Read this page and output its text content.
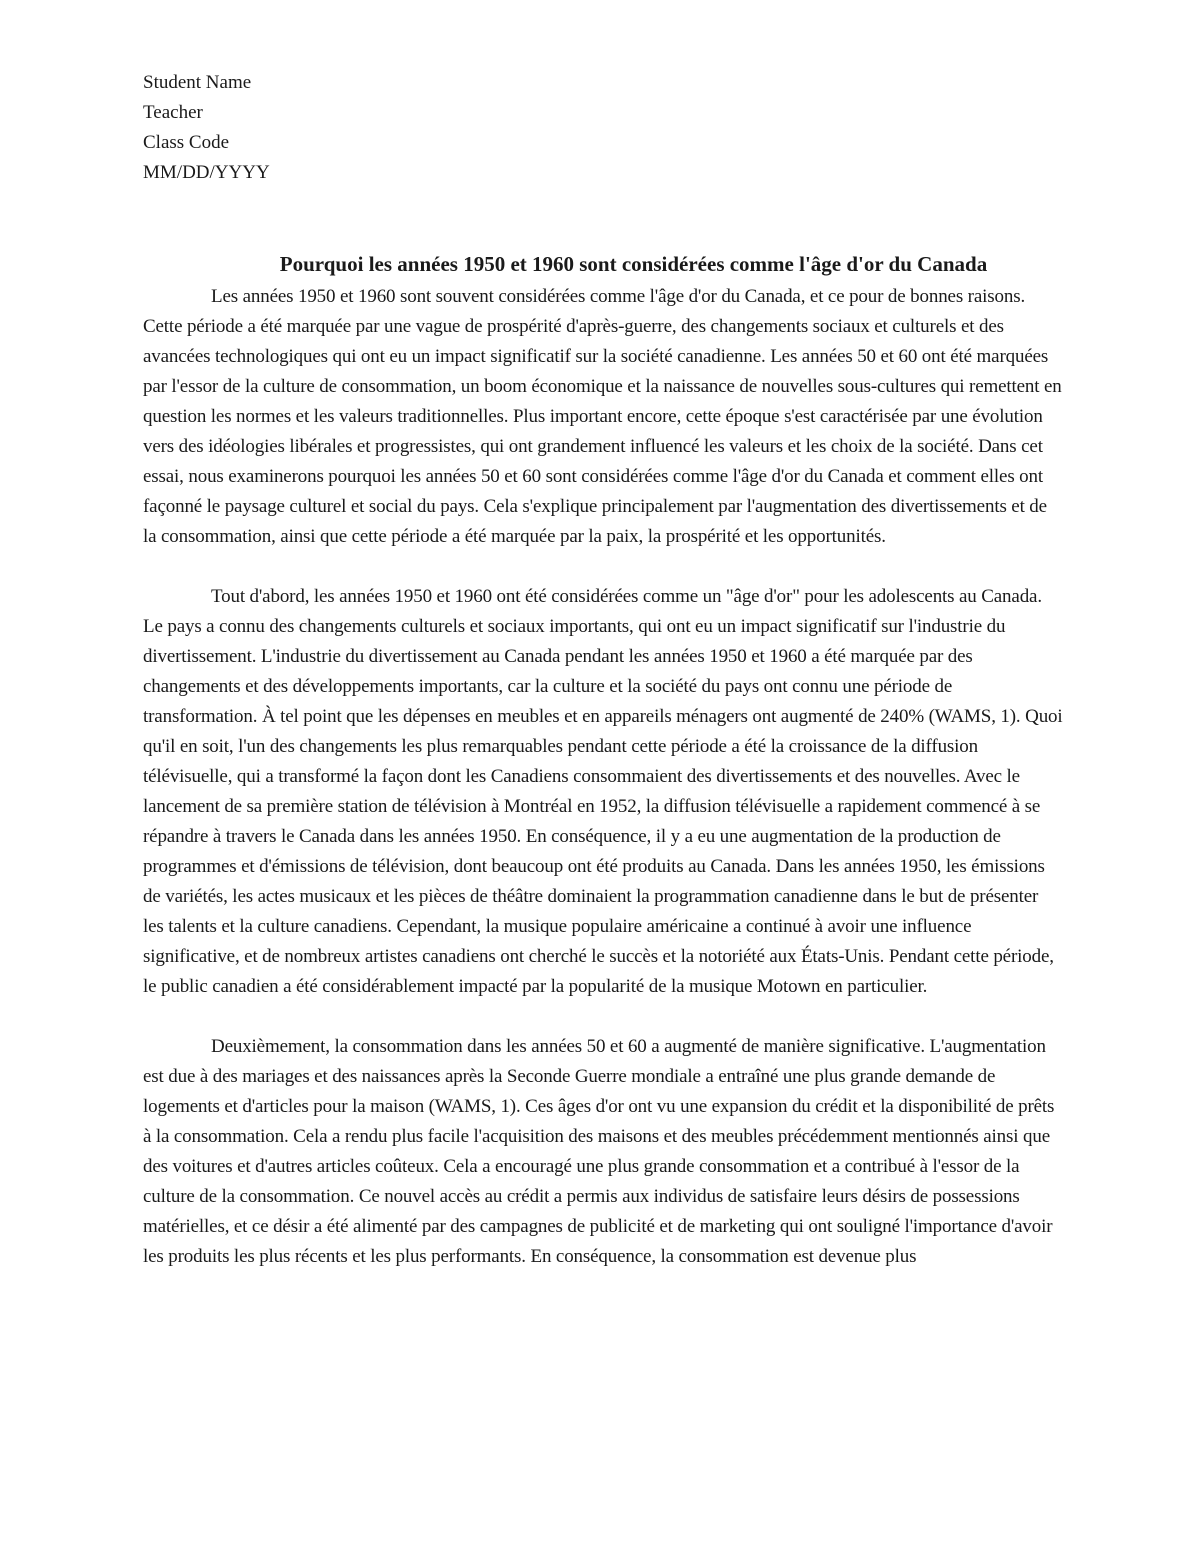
Student Name
Teacher
Class Code
MM/DD/YYYY
Pourquoi les années 1950 et 1960 sont considérées comme l'âge d'or du Canada

Les années 1950 et 1960 sont souvent considérées comme l'âge d'or du Canada, et ce pour de bonnes raisons. Cette période a été marquée par une vague de prospérité d'après-guerre, des changements sociaux et culturels et des avancées technologiques qui ont eu un impact significatif sur la société canadienne. Les années 50 et 60 ont été marquées par l'essor de la culture de consommation, un boom économique et la naissance de nouvelles sous-cultures qui remettent en question les normes et les valeurs traditionnelles. Plus important encore, cette époque s'est caractérisée par une évolution vers des idéologies libérales et progressistes, qui ont grandement influencé les valeurs et les choix de la société. Dans cet essai, nous examinerons pourquoi les années 50 et 60 sont considérées comme l'âge d'or du Canada et comment elles ont façonné le paysage culturel et social du pays. Cela s'explique principalement par l'augmentation des divertissements et de la consommation, ainsi que cette période a été marquée par la paix, la prospérité et les opportunités.

Tout d'abord, les années 1950 et 1960 ont été considérées comme un "âge d'or" pour les adolescents au Canada. Le pays a connu des changements culturels et sociaux importants, qui ont eu un impact significatif sur l'industrie du divertissement. L'industrie du divertissement au Canada pendant les années 1950 et 1960 a été marquée par des changements et des développements importants, car la culture et la société du pays ont connu une période de transformation. À tel point que les dépenses en meubles et en appareils ménagers ont augmenté de 240% (WAMS, 1). Quoi qu'il en soit, l'un des changements les plus remarquables pendant cette période a été la croissance de la diffusion télévisuelle, qui a transformé la façon dont les Canadiens consommaient des divertissements et des nouvelles. Avec le lancement de sa première station de télévision à Montréal en 1952, la diffusion télévisuelle a rapidement commencé à se répandre à travers le Canada dans les années 1950. En conséquence, il y a eu une augmentation de la production de programmes et d'émissions de télévision, dont beaucoup ont été produits au Canada. Dans les années 1950, les émissions de variétés, les actes musicaux et les pièces de théâtre dominaient la programmation canadienne dans le but de présenter les talents et la culture canadiens. Cependant, la musique populaire américaine a continué à avoir une influence significative, et de nombreux artistes canadiens ont cherché le succès et la notoriété aux États-Unis. Pendant cette période, le public canadien a été considérablement impacté par la popularité de la musique Motown en particulier.

Deuxièmement, la consommation dans les années 50 et 60 a augmenté de manière significative. L'augmentation est due à des mariages et des naissances après la Seconde Guerre mondiale a entraîné une plus grande demande de logements et d'articles pour la maison (WAMS, 1). Ces âges d'or ont vu une expansion du crédit et la disponibilité de prêts à la consommation. Cela a rendu plus facile l'acquisition des maisons et des meubles précédemment mentionnés ainsi que des voitures et d'autres articles coûteux. Cela a encouragé une plus grande consommation et a contribué à l'essor de la culture de la consommation. Ce nouvel accès au crédit a permis aux individus de satisfaire leurs désirs de possessions matérielles, et ce désir a été alimenté par des campagnes de publicité et de marketing qui ont souligné l'importance d'avoir les produits les plus récents et les plus performants. En conséquence, la consommation est devenue plus
